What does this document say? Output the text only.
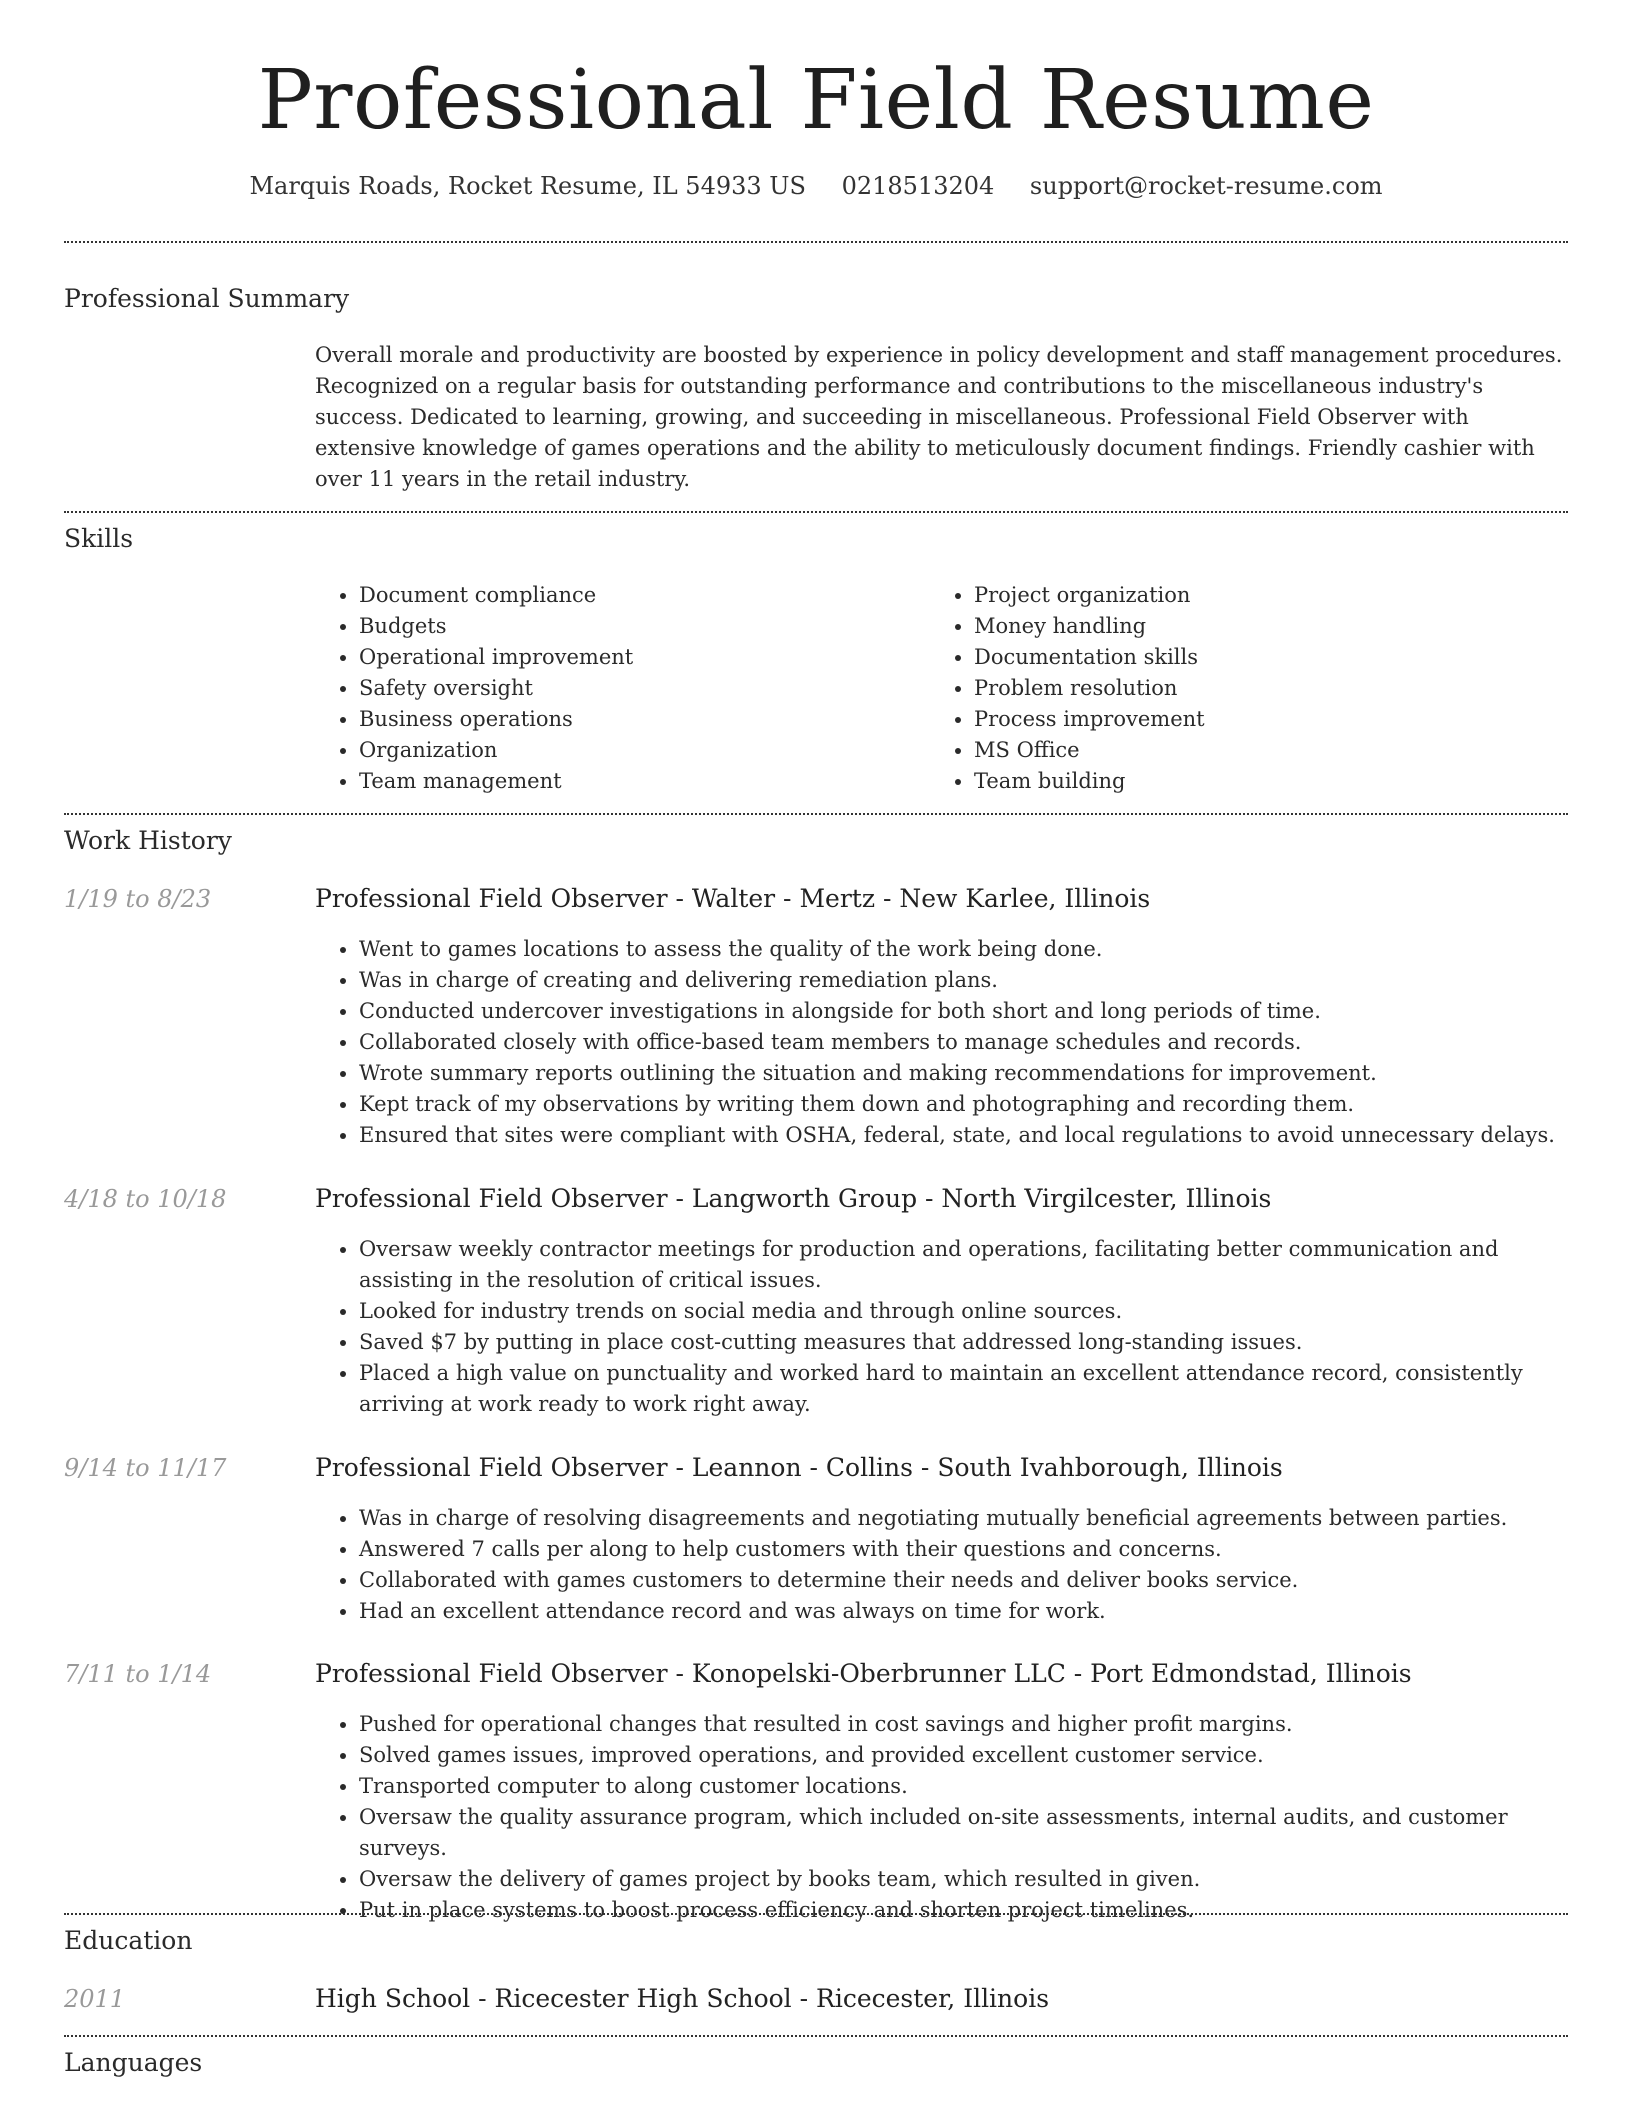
Professional Field Resume
Marquis Roads, Rocket Resume, IL 54933 US 0218513204 support@rocket-resume.com
Professional Summary
Overall morale and productivity are boosted by experience in policy development and staff management procedures. Recognized on a regular basis for outstanding performance and contributions to the miscellaneous industry's success. Dedicated to learning, growing, and succeeding in miscellaneous. Professional Field Observer with extensive knowledge of games operations and the ability to meticulously document findings. Friendly cashier with over 11 years in the retail industry.
Skills
• Document compliance
• Budgets
• Operational improvement
• Safety oversight
• Business operations
• Organization
• Team management
• Project organization
• Money handling
• Documentation skills
• Problem resolution
• Process improvement
• MS Office
• Team building
Work History
1/19 to 8/23	Professional Field Observer - Walter - Mertz - New Karlee, Illinois
• Went to games locations to assess the quality of the work being done.
• Was in charge of creating and delivering remediation plans.
• Conducted undercover investigations in alongside for both short and long periods of time.
• Collaborated closely with office-based team members to manage schedules and records.
• Wrote summary reports outlining the situation and making recommendations for improvement.
• Kept track of my observations by writing them down and photographing and recording them.
• Ensured that sites were compliant with OSHA, federal, state, and local regulations to avoid unnecessary delays.
4/18 to 10/18	Professional Field Observer - Langworth Group - North Virgilcester, Illinois
• Oversaw weekly contractor meetings for production and operations, facilitating better communication and assisting in the resolution of critical issues.
• Looked for industry trends on social media and through online sources.
• Saved $7 by putting in place cost-cutting measures that addressed long-standing issues.
• Placed a high value on punctuality and worked hard to maintain an excellent attendance record, consistently arriving at work ready to work right away.
9/14 to 11/17	Professional Field Observer - Leannon - Collins - South Ivahborough, Illinois
• Was in charge of resolving disagreements and negotiating mutually beneficial agreements between parties.
• Answered 7 calls per along to help customers with their questions and concerns.
• Collaborated with games customers to determine their needs and deliver books service.
• Had an excellent attendance record and was always on time for work.
7/11 to 1/14	Professional Field Observer - Konopelski-Oberbrunner LLC - Port Edmondstad, Illinois
• Pushed for operational changes that resulted in cost savings and higher profit margins.
• Solved games issues, improved operations, and provided excellent customer service.
• Transported computer to along customer locations.
• Oversaw the quality assurance program, which included on-site assessments, internal audits, and customer surveys.
• Oversaw the delivery of games project by books team, which resulted in given.
• Put in place systems to boost process efficiency and shorten project timelines.
Education
2011	High School - Ricecester High School - Ricecester, Illinois
Languages
